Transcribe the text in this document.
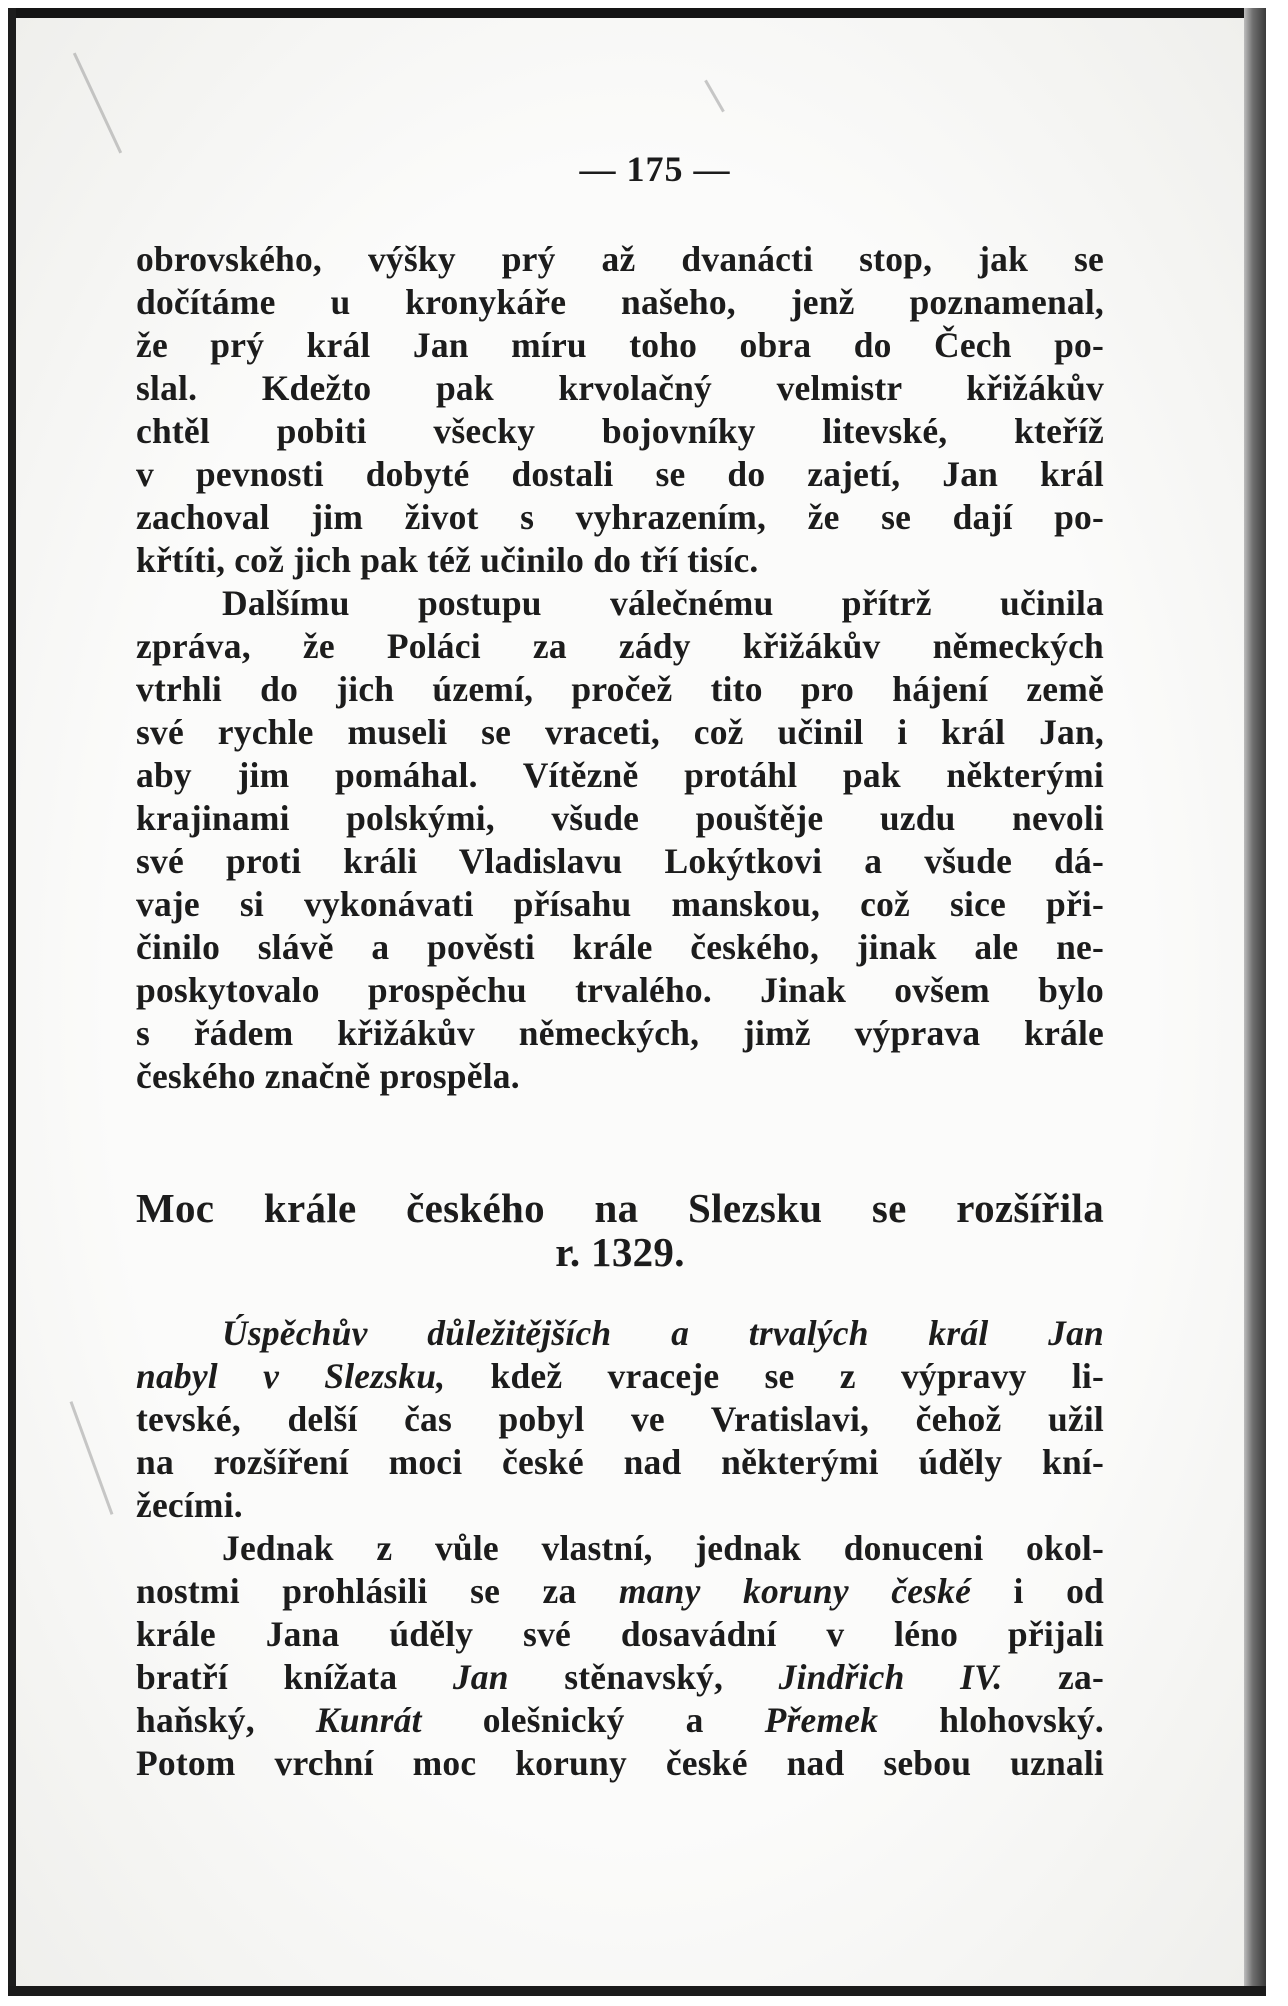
— 175 —

obrovského, výšky prý až dvanácti stop, jak se
dočítáme u kronykáře našeho, jenž poznamenal,
že prý král Jan míru toho obra do Čech po-
slal. Kdežto pak krvolačný velmistr křižákův
chtěl pobiti všecky bojovníky litevské, kteříž
v pevnosti dobyté dostali se do zajetí, Jan král
zachoval jim život s vyhrazením, že se dají po-
křtíti, což jich pak též učinilo do tří tisíc.

Dalšímu postupu válečnému přítrž učinila
zpráva, že Poláci za zády křižákův německých
vtrhli do jich území, pročež tito pro hájení země
své rychle museli se vraceti, což učinil i král Jan,
aby jim pomáhal. Vítězně protáhl pak některými
krajinami polskými, všude pouštěje uzdu nevoli
své proti králi Vladislavu Lokýtkovi a všude dá-
vaje si vykonávati přísahu manskou, což sice při-
činilo slávě a pověsti krále českého, jinak ale ne-
poskytovalo prospěchu trvalého. Jinak ovšem bylo
s řádem křižákův německých, jimž výprava krále
českého značně prospěla.

Moc krále českého na Slezsku se rozšířila
r. 1329.

Úspěchův důležitějších a trvalých král Jan
nabyl v Slezsku, kdež vraceje se z výpravy li-
tevské, delší čas pobyl ve Vratislavi, čehož užil
na rozšíření moci české nad některými úděly kní-
žecími.

Jednak z vůle vlastní, jednak donuceni okol-
nostmi prohlásili se za many koruny české i od
krále Jana úděly své dosavádní v léno přijali
bratří knížata Jan stěnavský, Jindřich IV. za-
haňský, Kunrát olešnický a Přemek hlohovský.
Potom vrchní moc koruny české nad sebou uznali
